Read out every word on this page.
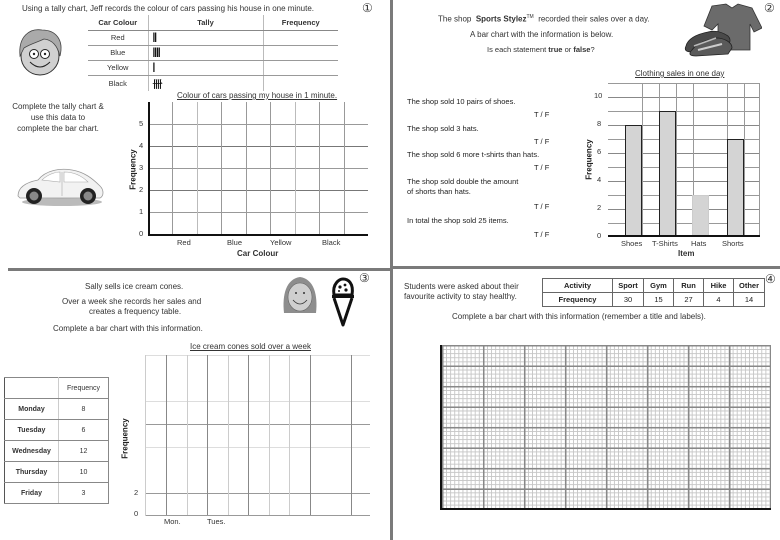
Using a tally chart, Jeff records the colour of cars passing his house in one minute.	①
Car Colour	Tally	Frequency
Red	||	
Blue	||||	
Yellow	|	
Black	卌	
Complete the tally chart &
use this data to
complete the bar chart.
Colour of cars passing my house in 1 minute.
0
1
2
3
4
5
Frequency
Red	Blue	Yellow	Black
Car Colour
②
The shop Sports Stylez™ recorded their sales over a day.
A bar chart with the information is below.
Is each statement true or false?
The shop sold 10 pairs of shoes.
T / F
The shop sold 3 hats.
T / F
The shop sold 6 more t-shirts than hats.
T / F
The shop sold double the amount
of shorts than hats.
T / F
In total the shop sold 25 items.
T / F
Clothing sales in one day
0
2
4
6
8
10
Frequency
Shoes T-Shirts Hats Shorts
Item
Sally sells ice cream cones.
Over a week she records her sales and
creates a frequency table.
Complete a bar chart with this information.
③
	Frequency
Monday	8
Tuesday	6
Wednesday	12
Thursday	10
Friday	3
Ice cream cones sold over a week
0
2
Frequency
Mon.	Tues.
Students were asked about their
favourite activity to stay healthy.
④
Activity	Sport	Gym	Run	Hike	Other
Frequency	30	15	27	4	14
Complete a bar chart with this information (remember a title and labels).
